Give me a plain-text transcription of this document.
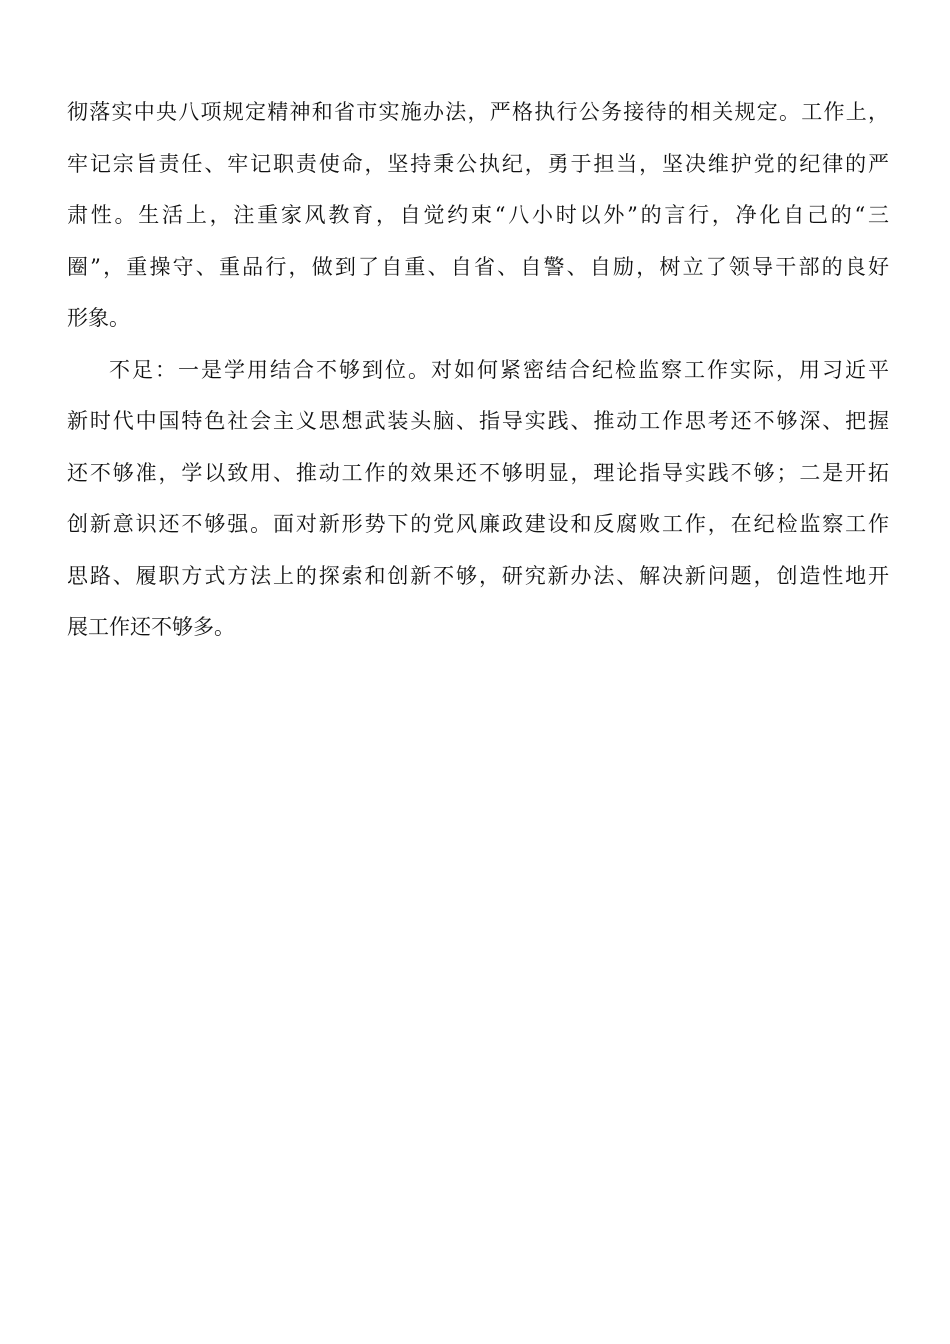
彻落实中央八项规定精神和省市实施办法，严格执行公务接待的相关规定。工作上，
牢记宗旨责任、牢记职责使命，坚持秉公执纪，勇于担当，坚决维护党的纪律的严
肃性。生活上，注重家风教育，自觉约束“八小时以外”的言行，净化自己的“三
圈”，重操守、重品行，做到了自重、自省、自警、自励，树立了领导干部的良好
形象。
不足：一是学用结合不够到位。对如何紧密结合纪检监察工作实际，用习近平
新时代中国特色社会主义思想武装头脑、指导实践、推动工作思考还不够深、把握
还不够准，学以致用、推动工作的效果还不够明显，理论指导实践不够；二是开拓
创新意识还不够强。面对新形势下的党风廉政建设和反腐败工作，在纪检监察工作
思路、履职方式方法上的探索和创新不够，研究新办法、解决新问题，创造性地开
展工作还不够多。
